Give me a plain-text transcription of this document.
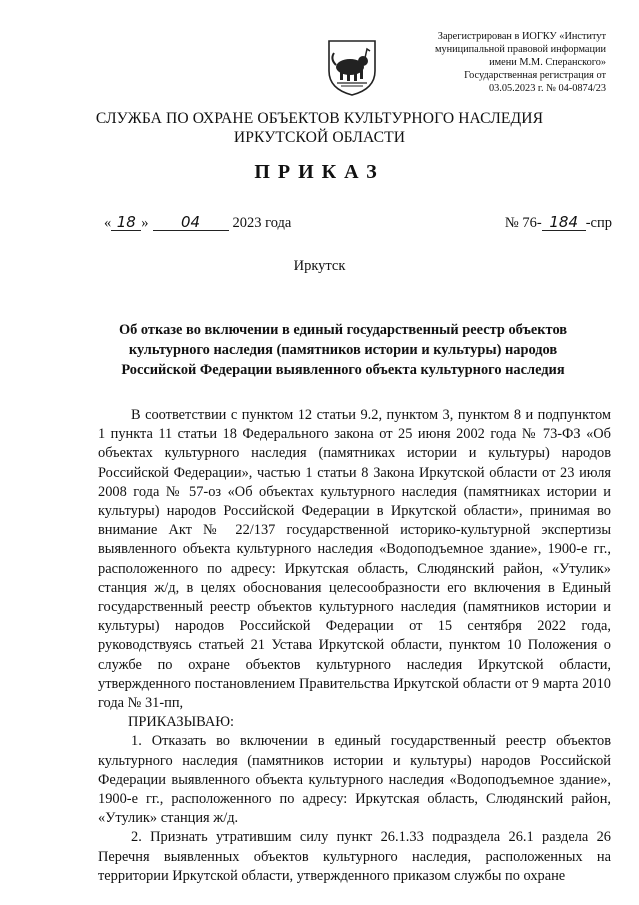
Зарегистрирован в ИОГКУ «Институт
муниципальной правовой информации
имени М.М. Сперанского»
Государственная регистрация от
03.05.2023 г. № 04-0874/23
СЛУЖБА ПО ОХРАНЕ ОБЪЕКТОВ КУЛЬТУРНОГО НАСЛЕДИЯ
ИРКУТСКОЙ ОБЛАСТИ
ПРИКАЗ
« 18 »	04	2023 года	№ 76- 184 -спр
Иркутск
Об отказе во включении в единый государственный реестр объектов культурного наследия (памятников истории и культуры) народов Российской Федерации выявленного объекта культурного наследия

В соответствии с пунктом 12 статьи 9.2, пунктом 3, пунктом 8 и подпунктом 1 пункта 11 статьи 18 Федерального закона от 25 июня 2002 года № 73-ФЗ «Об объектах культурного наследия (памятниках истории и культуры) народов Российской Федерации», частью 1 статьи 8 Закона Иркутской области от 23 июля 2008 года № 57-оз «Об объектах культурного наследия (памятниках истории и культуры) народов Российской Федерации в Иркутской области», принимая во внимание Акт № 22/137 государственной историко-культурной экспертизы выявленного объекта культурного наследия «Водоподъемное здание», 1900-е гг., расположенного по адресу: Иркутская область, Слюдянский район, «Утулик» станция ж/д, в целях обоснования целесообразности его включения в Единый государственный реестр объектов культурного наследия (памятников истории и культуры) народов Российской Федерации от 15 сентября 2022 года, руководствуясь статьей 21 Устава Иркутской области, пунктом 10 Положения о службе по охране объектов культурного наследия Иркутской области, утвержденного постановлением Правительства Иркутской области от 9 марта 2010 года № 31-пп,

ПРИКАЗЫВАЮ:

1. Отказать во включении в единый государственный реестр объектов культурного наследия (памятников истории и культуры) народов Российской Федерации выявленного объекта культурного наследия «Водоподъемное здание», 1900-е гг., расположенного по адресу: Иркутская область, Слюдянский район, «Утулик» станция ж/д.

2. Признать утратившим силу пункт 26.1.33 подраздела 26.1 раздела 26 Перечня выявленных объектов культурного наследия, расположенных на территории Иркутской области, утвержденного приказом службы по охране
